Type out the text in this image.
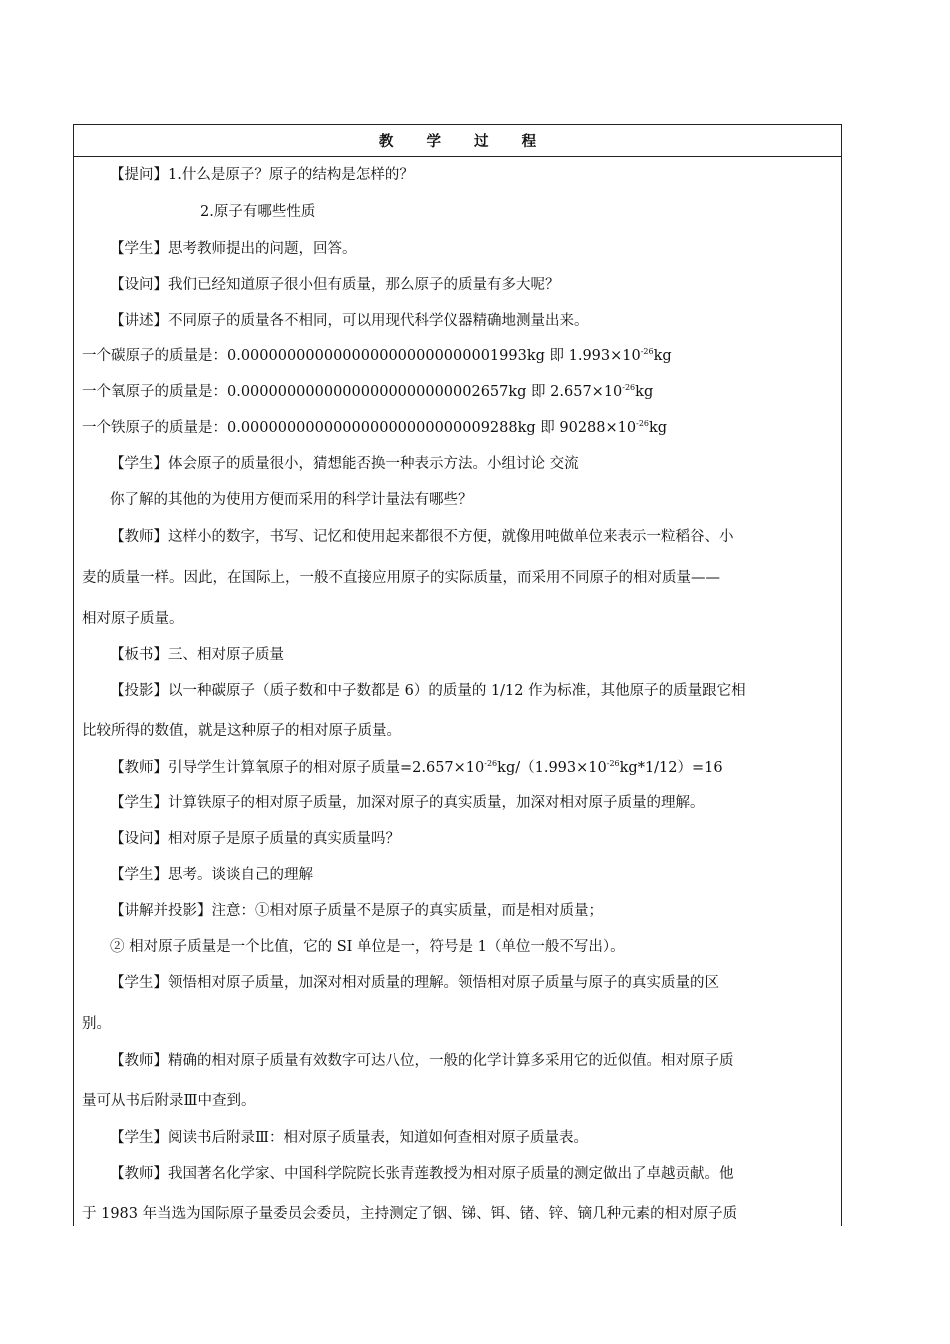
教 学 过 程
【提问】1.什么是原子？原子的结构是怎样的？
2.原子有哪些性质
【学生】思考教师提出的问题，回答。
【设问】我们已经知道原子很小但有质量，那么原子的质量有多大呢？
【讲述】不同原子的质量各不相同，可以用现代科学仪器精确地测量出来。
一个碳原子的质量是：0.0000000000000000000000000001993kg 即 $1.993\times 10^{-26}kg$
一个氧原子的质量是：0.00000000000000000000000002657kg 即 $2.657\times 10^{-26}kg$
一个铁原子的质量是：0.000000000000000000000000009288kg 即 $90288\times 10^{-26}kg$
【学生】体会原子的质量很小，猜想能否换一种表示方法。小组讨论 交流
你了解的其他的为使用方便而采用的科学计量法有哪些？
【教师】这样小的数字，书写、记忆和使用起来都很不方便，就像用吨做单位来表示一粒稻谷、小
麦的质量一样。因此，在国际上，一般不直接应用原子的实际质量，而采用不同原子的相对质量——
相对原子质量。
【板书】三、相对原子质量
【投影】以一种碳原子（质子数和中子数都是 6）的质量的 1/12 作为标准，其他原子的质量跟它相
比较所得的数值，就是这种原子的相对原子质量。
【教师】引导学生计算氧原子的相对原子质量$=2.657\times 10^{-26}kg/(1.993\times 10^{-26}kg*1/12)=16$
【学生】计算铁原子的相对原子质量，加深对原子的真实质量，加深对相对原子质量的理解。
【设问】相对原子是原子质量的真实质量吗？
【学生】思考。谈谈自己的理解
【讲解并投影】注意：①相对原子质量不是原子的真实质量，而是相对质量；
② 相对原子质量是一个比值，它的 SI 单位是一，符号是 1（单位一般不写出）。
【学生】领悟相对原子质量，加深对相对质量的理解。领悟相对原子质量与原子的真实质量的区
别。
【教师】精确的相对原子质量有效数字可达八位，一般的化学计算多采用它的近似值。相对原子质
量可从书后附录Ⅲ中查到。
【学生】阅读书后附录Ⅲ：相对原子质量表，知道如何查相对原子质量表。
【教师】我国著名化学家、中国科学院院长张青莲教授为相对原子质量的测定做出了卓越贡献。他
于 1983 年当选为国际原子量委员会委员，主持测定了铟、锑、铒、锗、锌、镝几种元素的相对原子质
